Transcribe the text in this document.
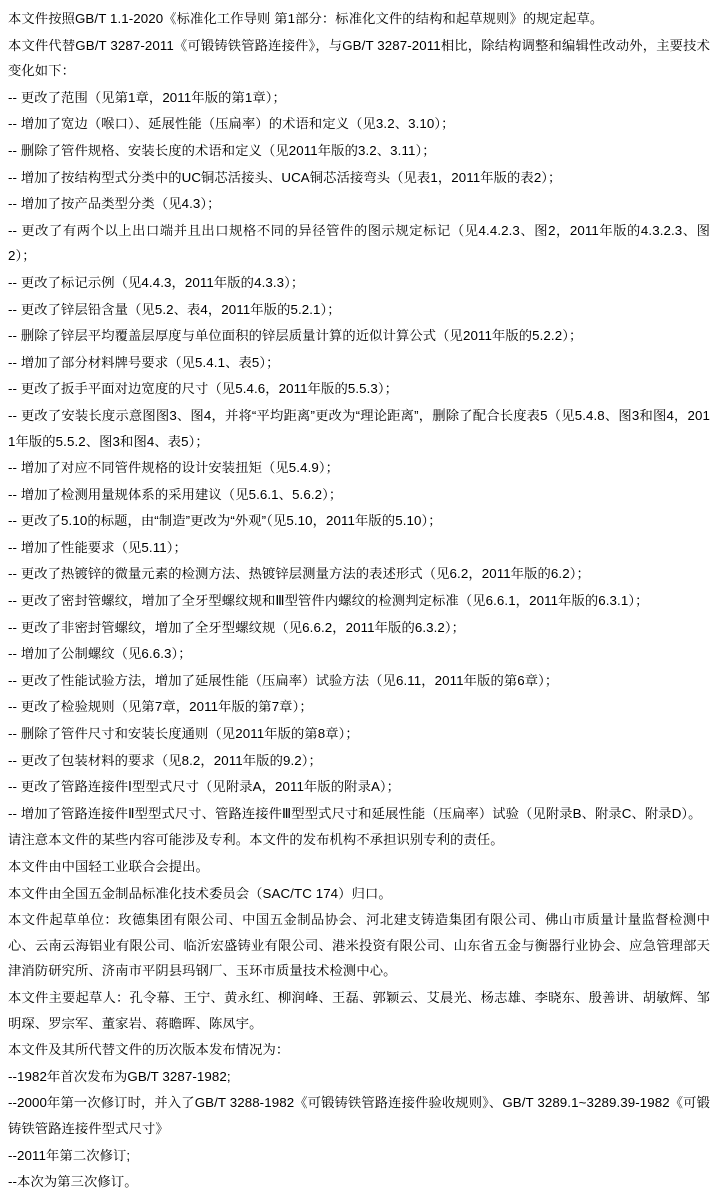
本文件按照GB/T 1.1-2020《标准化工作导则 第1部分：标准化文件的结构和起草规则》的规定起草。

本文件代替GB/T 3287-2011《可锻铸铁管路连接件》，与GB/T 3287-2011相比，除结构调整和编辑性改动外，主要技术变化如下：

-- 更改了范围（见第1章，2011年版的第1章）；

-- 增加了宽边（喉口）、延展性能（压扁率）的术语和定义（见3.2、3.10）；

-- 删除了管件规格、安装长度的术语和定义（见2011年版的3.2、3.11）；

-- 增加了按结构型式分类中的UC铜芯活接头、UCA铜芯活接弯头（见表1，2011年版的表2）；

-- 增加了按产品类型分类（见4.3）；

-- 更改了有两个以上出口端并且出口规格不同的异径管件的图示规定标记（见4.4.2.3、图2，2011年版的4.3.2.3、图2）；

-- 更改了标记示例（见4.4.3，2011年版的4.3.3）；

-- 更改了锌层铅含量（见5.2、表4，2011年版的5.2.1）；

-- 删除了锌层平均覆盖层厚度与单位面积的锌层质量计算的近似计算公式（见2011年版的5.2.2）；

-- 增加了部分材料牌号要求（见5.4.1、表5）；

-- 更改了扳手平面对边宽度的尺寸（见5.4.6，2011年版的5.5.3）；

-- 更改了安装长度示意图图3、图4，并将“平均距离”更改为“理论距离”，删除了配合长度表5（见5.4.8、图3和图4，2011年版的5.5.2、图3和图4、表5）；

-- 增加了对应不同管件规格的设计安装扭矩（见5.4.9）；

-- 增加了检测用量规体系的采用建议（见5.6.1、5.6.2）；

-- 更改了5.10的标题，由“制造”更改为“外观”（见5.10，2011年版的5.10）；

-- 增加了性能要求（见5.11）；

-- 更改了热镀锌的微量元素的检测方法、热镀锌层测量方法的表述形式（见6.2，2011年版的6.2）；

-- 更改了密封管螺纹，增加了全牙型螺纹规和Ⅲ型管件内螺纹的检测判定标准（见6.6.1，2011年版的6.3.1）；

-- 更改了非密封管螺纹，增加了全牙型螺纹规（见6.6.2，2011年版的6.3.2）；

-- 增加了公制螺纹（见6.6.3）；

-- 更改了性能试验方法，增加了延展性能（压扁率）试验方法（见6.11，2011年版的第6章）；

-- 更改了检验规则（见第7章，2011年版的第7章）；

-- 删除了管件尺寸和安装长度通则（见2011年版的第8章）；

-- 更改了包装材料的要求（见8.2，2011年版的9.2）；

-- 更改了管路连接件Ⅰ型型式尺寸（见附录A，2011年版的附录A）；

-- 增加了管路连接件Ⅱ型型式尺寸、管路连接件Ⅲ型型式尺寸和延展性能（压扁率）试验（见附录B、附录C、附录D）。

请注意本文件的某些内容可能涉及专利。本文件的发布机构不承担识别专利的责任。

本文件由中国轻工业联合会提出。

本文件由全国五金制品标准化技术委员会（SAC/TC 174）归口。

本文件起草单位：玫德集团有限公司、中国五金制品协会、河北建支铸造集团有限公司、佛山市质量计量监督检测中心、云南云海铝业有限公司、临沂宏盛铸业有限公司、港米投资有限公司、山东省五金与衡器行业协会、应急管理部天津消防研究所、济南市平阴县玛钢厂、玉环市质量技术检测中心。

本文件主要起草人：孔令幕、王宁、黄永红、柳润峰、王磊、郭颖云、艾晨光、杨志雄、李晓东、殷善讲、胡敏辉、邹明琛、罗宗军、董家岩、蒋瞻晖、陈凤宇。

本文件及其所代替文件的历次版本发布情况为：

--1982年首次发布为GB/T 3287-1982;

--2000年第一次修订时，并入了GB/T 3288-1982《可锻铸铁管路连接件验收规则》、GB/T 3289.1~3289.39-1982《可锻铸铁管路连接件型式尺寸》

--2011年第二次修订;

--本次为第三次修订。
